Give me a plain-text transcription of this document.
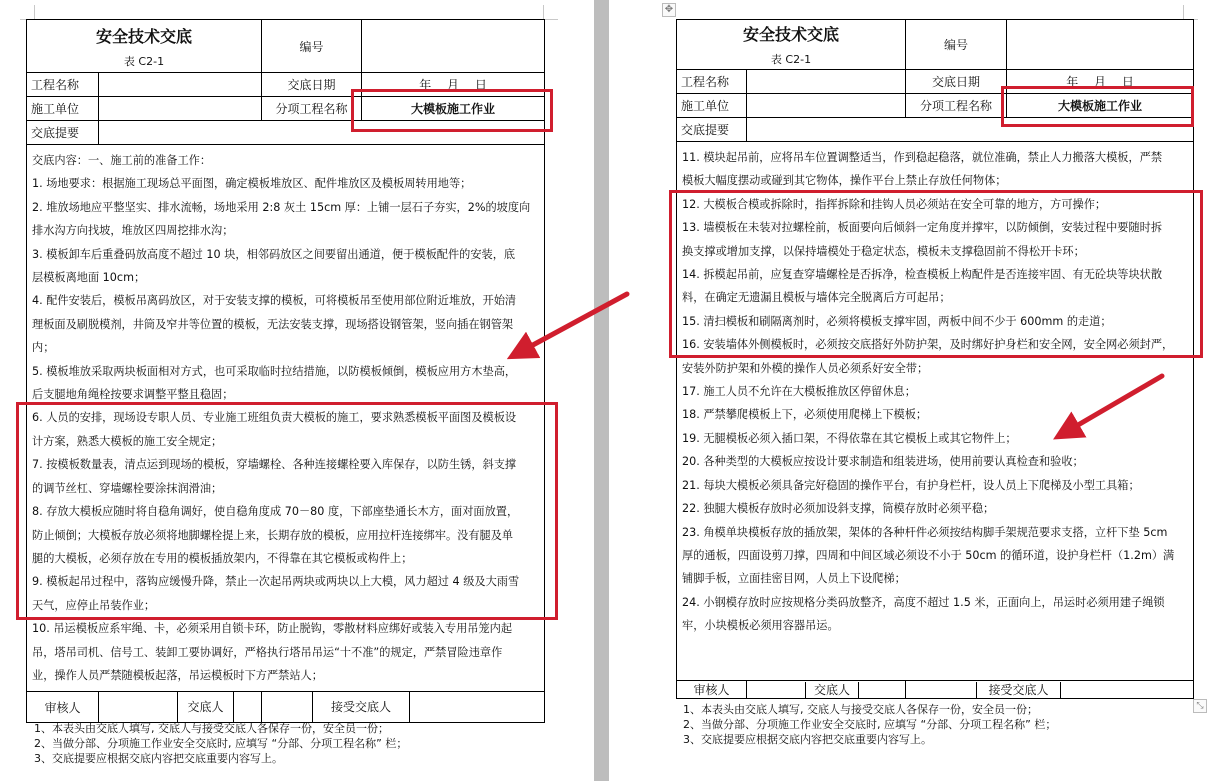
安全技术交底
表 C2-1		编号	
工程名称		交底日期	年　 月　 日
施工单位		分项工程名称	大模板施工作业
交底提要			

交底内容：一、施工前的准备工作：
1. 场地要求：根据施工现场总平面图，确定模板堆放区、配件堆放区及模板周转用地等；
2. 堆放场地应平整坚实、排水流畅，场地采用 2:8 灰土 15cm 厚：上铺一层石子夯实，2%的坡度向
排水沟方向找坡，堆放区四周挖排水沟；
3. 模板卸车后重叠码放高度不超过 10 块，相邻码放区之间要留出通道，便于模板配件的安装，底
层模板离地面 10cm；
4. 配件安装后，模板吊离码放区，对于安装支撑的模板，可将模板吊至使用部位附近堆放，开始清
理板面及刷脱模剂，井筒及窄井等位置的模板，无法安装支撑，现场搭设钢管架，竖向插在钢管架
内；
5. 模板堆放采取两块板面相对方式，也可采取临时拉结措施，以防模板倾倒，模板应用方木垫高，
后支腿地角绳栓按要求调整平整且稳固；
6. 人员的安排，现场设专职人员、专业施工班组负责大模板的施工，要求熟悉模板平面图及模板设
计方案，熟悉大模板的施工安全规定；
7. 按模板数量表，清点运到现场的模板，穿墙螺栓、各种连接螺栓要入库保存，以防生锈，斜支撑
的调节丝杠、穿墙螺栓要涂抹润滑油；
8. 存放大模板应随时将自稳角调好，使自稳角度成 70－80 度，下部座垫通长木方，面对面放置，
防止倾倒；大模板存放必须将地脚螺栓提上来，长期存放的模板，应用拉杆连接绑牢。没有腿及单
腿的大模板，必须存放在专用的模板插放架内，不得靠在其它模板或构件上；
9. 模板起吊过程中，落钩应缓慢升降，禁止一次起吊两块或两块以上大模，风力超过 4 级及大雨雪
天气，应停止吊装作业；
10. 吊运模板应系牢绳、卡，必须采用自锁卡环，防止脱钩，零散材料应绑好或装入专用吊笼内起
吊，塔吊司机、信号工、装卸工要协调好，严格执行塔吊吊运“十不准”的规定，严禁冒险违章作
业，操作人员严禁随模板起落，吊运模板时下方严禁站人；

审核人	交底人	接受交底人	
1、本表头由交底人填写, 交底人与接受交底人各保存一份，安全员一份；
2、当做分部、分项施工作业安全交底时, 应填写 “分部、分项工程名称” 栏；
3、交底提要应根据交底内容把交底重要内容写上。
✥
安全技术交底
表 C2-1		编号	
工程名称		交底日期	年　 月　 日
施工单位		分项工程名称	大模板施工作业
交底提要			

11. 模块起吊前，应将吊车位置调整适当，作到稳起稳落，就位准确，禁止人力搬落大模板，严禁
模板大幅度摆动或碰到其它物体，操作平台上禁止存放任何物体；
12. 大模板合模或拆除时，指挥拆除和挂钩人员必须站在安全可靠的地方，方可操作；
13. 墙模板在未装对拉螺栓前，板面要向后倾斜一定角度并撑牢，以防倾倒，安装过程中要随时拆
换支撑或增加支撑，以保持墙模处于稳定状态，模板未支撑稳固前不得松开卡环；
14. 拆模起吊前，应复查穿墙螺栓是否拆净，检查模板上构配件是否连接牢固、有无砼块等块状散
料，在确定无遗漏且模板与墙体完全脱离后方可起吊；
15. 清扫模板和刷隔离剂时，必须将模板支撑牢固，两板中间不少于 600mm 的走道；
16. 安装墙体外侧模板时，必须按交底搭好外防护架，及时绑好护身栏和安全网，安全网必须封严，
安装外防护架和外模的操作人员必须系好安全带；
17. 施工人员不允许在大模板推放区停留休息；
18. 严禁攀爬模板上下，必须使用爬梯上下模板；
19. 无腿模板必须入插口架，不得依靠在其它模板上或其它物件上；
20. 各种类型的大模板应按设计要求制造和组装进场，使用前要认真检查和验收；
21. 每块大模板必须具备完好稳固的操作平台，有护身栏杆，设人员上下爬梯及小型工具箱；
22. 独腿大模板存放时必须加设斜支撑，筒模存放时必须平稳；
23. 角模单块模板存放的插放架，架体的各种杆件必须按结构脚手架规范要求支搭，立杆下垫 5cm
厚的通板，四面设剪刀撑，四周和中间区域必须设不小于 50cm 的循环道，设护身栏杆（1.2m）满
铺脚手板，立面挂密目网，人员上下设爬梯；
24. 小钢模存放时应按规格分类码放整齐，高度不超过 1.5 米，正面向上，吊运时必须用建子绳锁
牢，小块模板必须用容器吊运。

审核人	交底人	接受交底人	
1、本表头由交底人填写, 交底人与接受交底人各保存一份，安全员一份；
2、当做分部、分项施工作业安全交底时, 应填写 “分部、分项工程名称” 栏；
3、交底提要应根据交底内容把交底重要内容写上。
⤡
